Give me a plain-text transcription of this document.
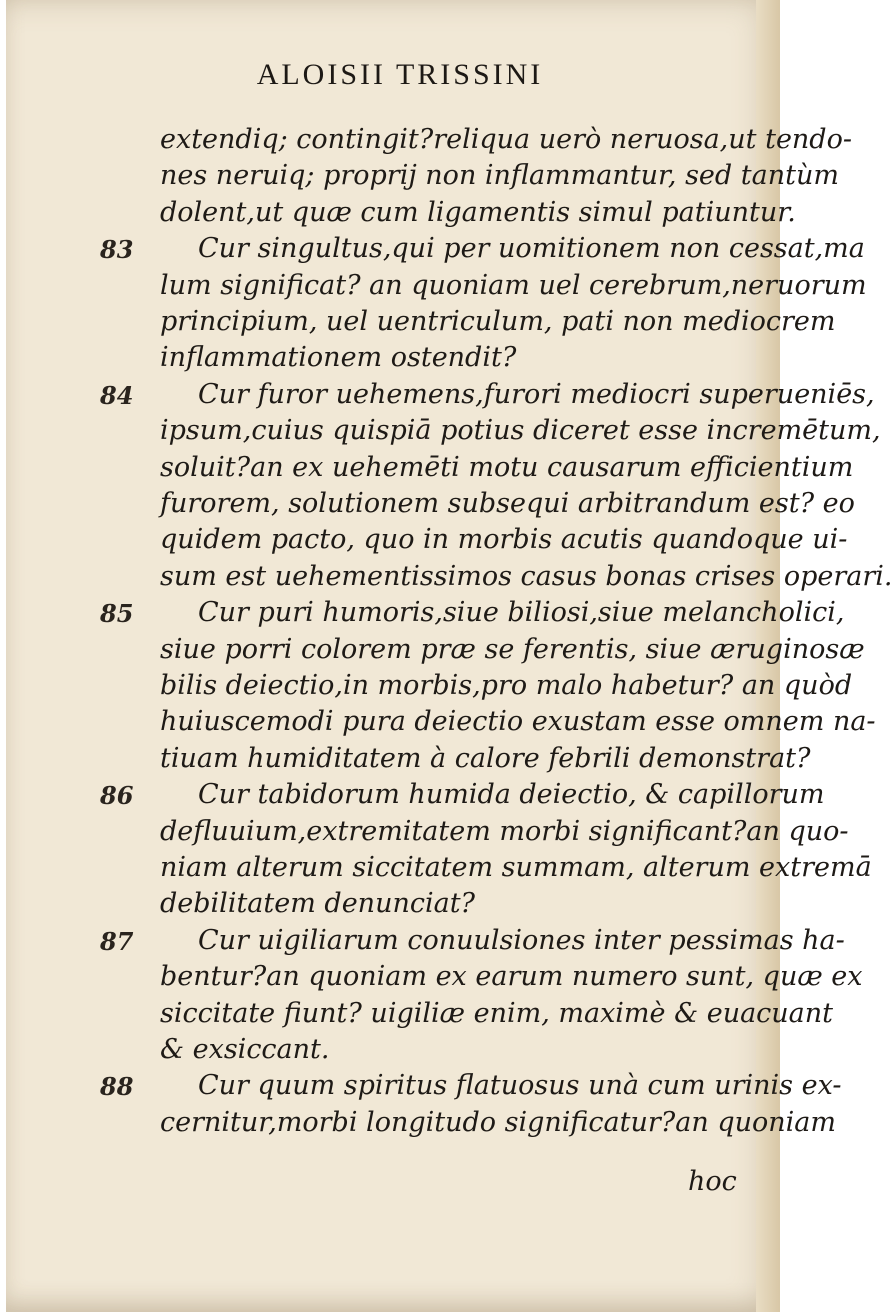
ALOISII TRISSINI
83
84
85
86
87
88
extendiq; contingit?reliqua uerò neruosa,ut tendo-
nes neruiq; proprij non inflammantur, sed tantùm
dolent,ut quæ cum ligamentis simul patiuntur.
Cur singultus,qui per uomitionem non cessat,ma
lum significat? an quoniam uel cerebrum,neruorum
principium, uel uentriculum, pati non mediocrem
inflammationem ostendit?
Cur furor uehemens,furori mediocri superueniēs,
ipsum,cuius quispiā potius diceret esse incremētum,
soluit?an ex uehemēti motu causarum efficientium
furorem, solutionem subsequi arbitrandum est? eo
quidem pacto, quo in morbis acutis quandoque ui-
sum est uehementissimos casus bonas crises operari.
Cur puri humoris,siue biliosi,siue melancholici,
siue porri colorem præ se ferentis, siue æruginosæ
bilis deiectio,in morbis,pro malo habetur? an quòd
huiuscemodi pura deiectio exustam esse omnem na-
tiuam humiditatem à calore febrili demonstrat?
Cur tabidorum humida deiectio, & capillorum
defluuium,extremitatem morbi significant?an quo-
niam alterum siccitatem summam, alterum extremā
debilitatem denunciat?
Cur uigiliarum conuulsiones inter pessimas ha-
bentur?an quoniam ex earum numero sunt, quæ ex
siccitate fiunt? uigiliæ enim, maximè & euacuant
& exsiccant.
Cur quum spiritus flatuosus unà cum urinis ex-
cernitur,morbi longitudo significatur?an quoniam
hoc
